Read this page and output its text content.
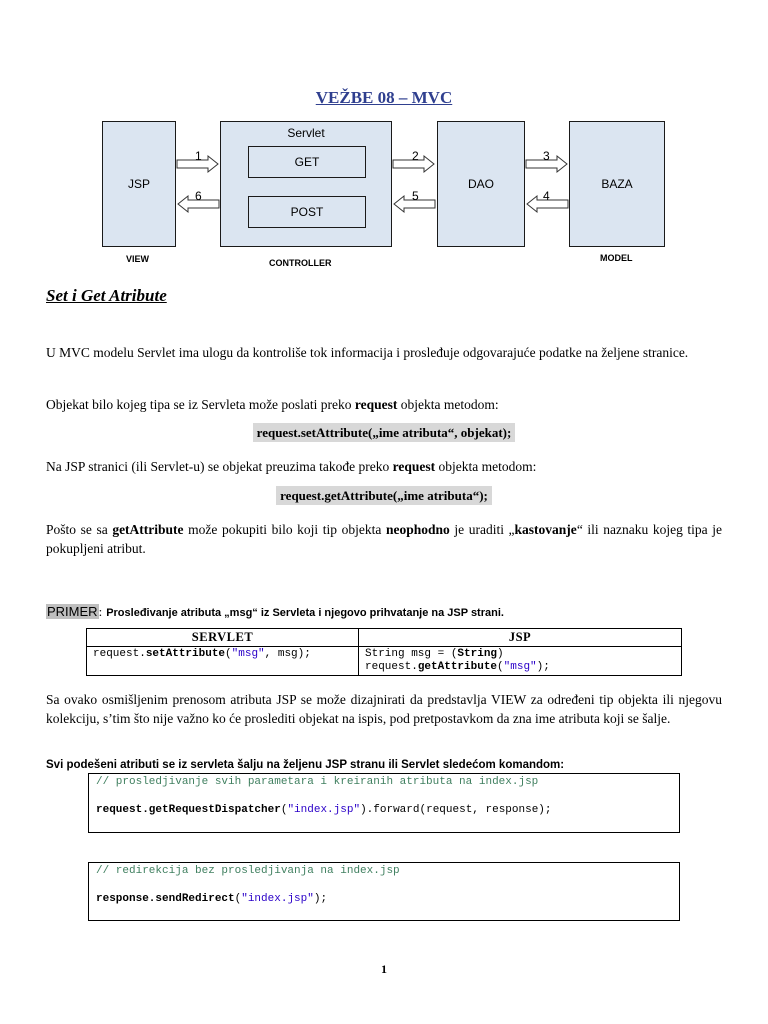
VEŽBE 08 – MVC
JSP
Servlet
GET
POST
DAO	BAZA
1	2	3
4
5
6
VIEW	CONTROLLER	MODEL
Set i Get Atribute
U MVC modelu Servlet ima ulogu da kontroliše tok informacija i prosleđuje odgovarajuće podatke na željene stranice.
Objekat bilo kojeg tipa se iz Servleta može poslati preko request objekta metodom:
request.setAttribute(„ime atributa“, objekat);
Na JSP stranici (ili Servlet-u) se objekat preuzima takođe preko request objekta metodom:
request.getAttribute(„ime atributa“);
Pošto se sa getAttribute može pokupiti bilo koji tip objekta neophodno je uraditi „kastovanje“ ili naznaku kojeg tipa je pokupljeni atribut.
PRIMER: Prosleđivanje atributa „msg“ iz Servleta i njegovo prihvatanje na JSP strani.
SERVLET	JSP
request.setAttribute("msg", msg);	String msg = (String)
request.getAttribute("msg");
Sa ovako osmišljenim prenosom atributa JSP se može dizajnirati da predstavlja VIEW za određeni tip objekta ili njegovu kolekciju, s’tim što nije važno ko će proslediti objekat na ispis, pod pretpostavkom da zna ime atributa koji se šalje.
Svi podešeni atributi se iz servleta šalju na željenu JSP stranu ili Servlet sledećom komandom:
// prosledjivanje svih parametara i kreiranih atributa na index.jsp

request.getRequestDispatcher("index.jsp").forward(request, response);
// redirekcija bez prosledjivanja na index.jsp

response.sendRedirect("index.jsp");
1
